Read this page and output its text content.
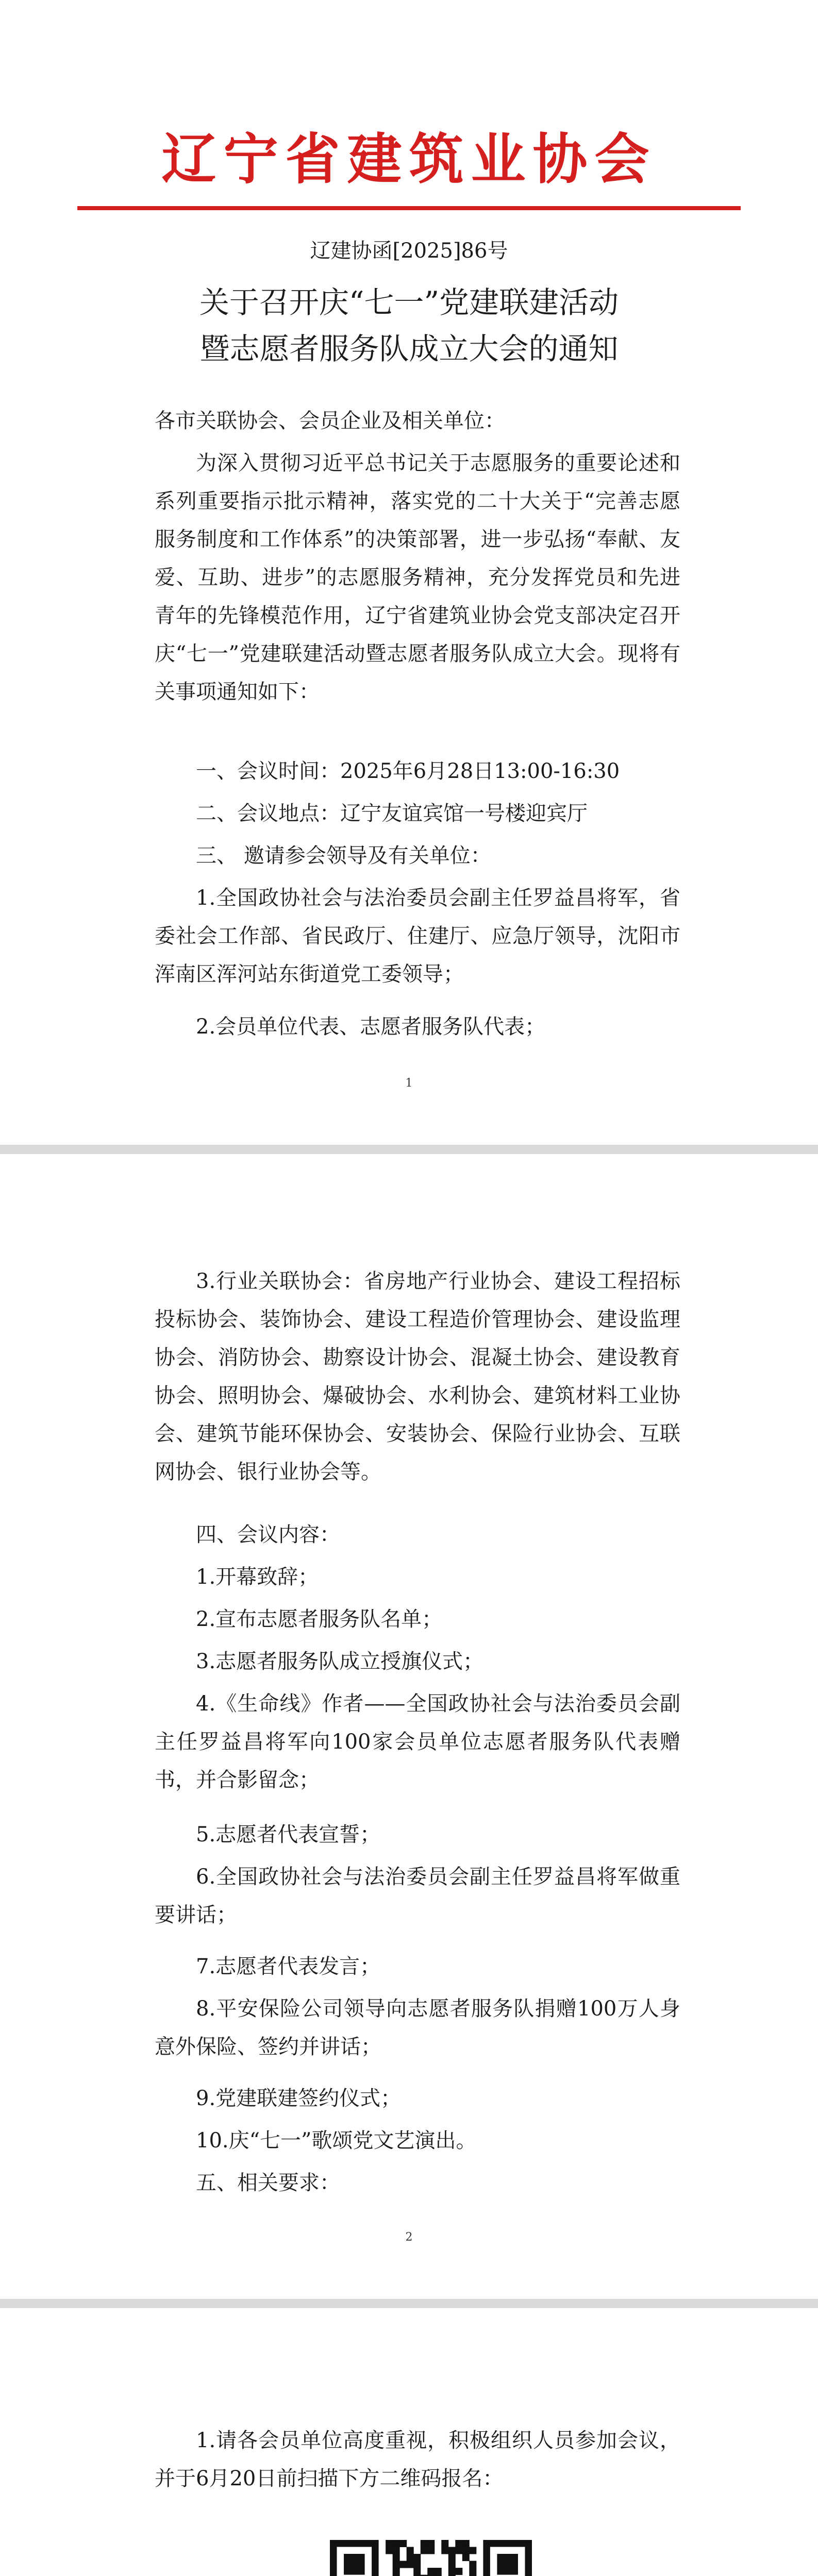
辽宁省建筑业协会
辽建协函[2025]86号
关于召开庆“七一”党建联建活动
暨志愿者服务队成立大会的通知
各市关联协会、会员企业及相关单位：
为深入贯彻习近平总书记关于志愿服务的重要论述和系列重要指示批示精神，落实党的二十大关于“完善志愿服务制度和工作体系”的决策部署，进一步弘扬“奉献、友爱、互助、进步”的志愿服务精神，充分发挥党员和先进青年的先锋模范作用，辽宁省建筑业协会党支部决定召开庆“七一”党建联建活动暨志愿者服务队成立大会。现将有关事项通知如下：
一、会议时间：2025年6月28日13:00-16:30
二、会议地点：辽宁友谊宾馆一号楼迎宾厅
三、 邀请参会领导及有关单位：
1.全国政协社会与法治委员会副主任罗益昌将军，省委社会工作部、省民政厅、住建厅、应急厅领导，沈阳市浑南区浑河站东街道党工委领导；
2.会员单位代表、志愿者服务队代表；
1
3.行业关联协会：省房地产行业协会、建设工程招标投标协会、装饰协会、建设工程造价管理协会、建设监理协会、消防协会、勘察设计协会、混凝土协会、建设教育协会、照明协会、爆破协会、水利协会、建筑材料工业协会、建筑节能环保协会、安装协会、保险行业协会、互联网协会、银行业协会等。
四、会议内容：
1.开幕致辞；
2.宣布志愿者服务队名单；
3.志愿者服务队成立授旗仪式；
4.《生命线》作者——全国政协社会与法治委员会副主任罗益昌将军向100家会员单位志愿者服务队代表赠书，并合影留念；
5.志愿者代表宣誓；
6.全国政协社会与法治委员会副主任罗益昌将军做重要讲话；
7.志愿者代表发言；
8.平安保险公司领导向志愿者服务队捐赠100万人身意外保险、签约并讲话；
9.党建联建签约仪式；
10.庆“七一”歌颂党文艺演出。
五、相关要求：
2
1.请各会员单位高度重视，积极组织人员参加会议，并于6月20日前扫描下方二维码报名：
